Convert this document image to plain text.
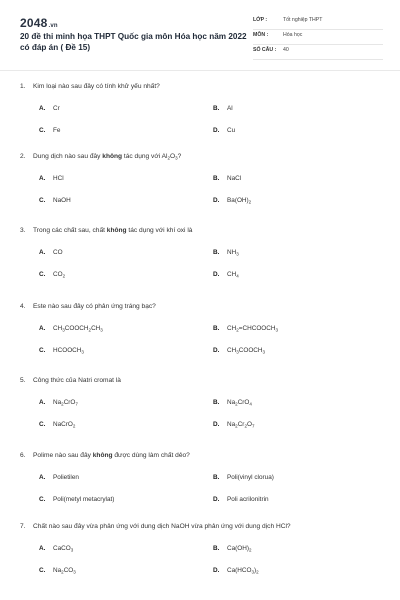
2048.vn
20 đề thi minh họa THPT Quốc gia môn Hóa học năm 2022 có đáp án ( Đề 15)
LỚP :	Tốt nghiệp THPT
MÔN :	Hóa học
SỐ CÂU : 40
1. Kim loại nào sau đây có tính khử yếu nhất?
A. Cr	B. Al
C. Fe	D. Cu
2. Dung dịch nào sau đây không tác dụng với $Al_2O_3$?
A. HCl	B. NaCl
C. NaOH	D. $Ba(OH)_2$
3. Trong các chất sau, chất không tác dụng với khí oxi là
A. CO	B. $NH_3$
C. $CO_2$	D. $CH_4$
4. Este nào sau đây có phản ứng tráng bạc?
A. $CH_3COOCH_2CH_3$	B. $CH_2=CHCOOCH_3$
C. $HCOOCH_3$	D. $CH_3COOCH_3$
5. Công thức của Natri cromat là
A. $Na_2CrO_7$	B. $Na_2CrO_4$
C. NaCrO$_2$	D. $Na_2Cr_2O_7$
6. Polime nào sau đây không được dùng làm chất dẻo?
A. Polietilen	B. Poli(vinyl clorua)
C. Poli(metyl metacrylat)	D. Poli acrilonitrin
7. Chất nào sau đây vừa phản ứng với dung dịch NaOH vừa phản ứng với dung dịch HCl?
A. CaCO$_3$	B. $Ca(OH)_2$
C. $Na_2CO_3$	D. $Ca(HCO_3)_2$
